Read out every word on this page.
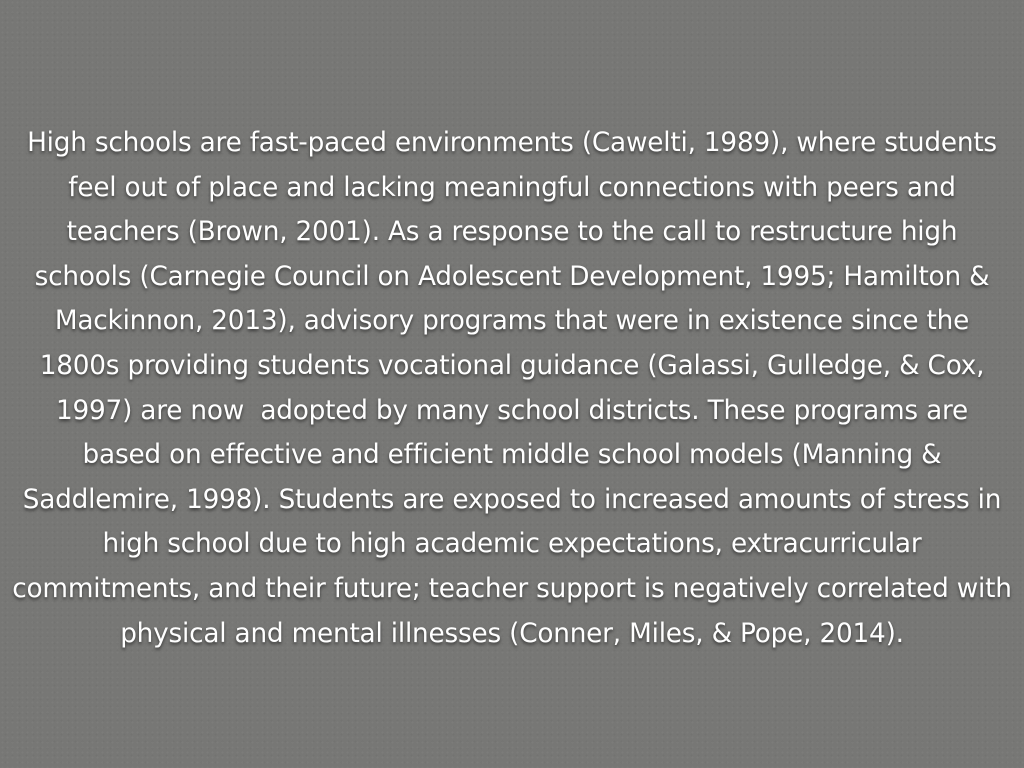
High schools are fast-paced environments (Cawelti, 1989), where students
feel out of place and lacking meaningful connections with peers and
teachers (Brown, 2001). As a response to the call to restructure high
schools (Carnegie Council on Adolescent Development, 1995; Hamilton &
Mackinnon, 2013), advisory programs that were in existence since the
1800s providing students vocational guidance (Galassi, Gulledge, & Cox,
1997) are now  adopted by many school districts. These programs are
based on effective and efficient middle school models (Manning &
Saddlemire, 1998). Students are exposed to increased amounts of stress in
high school due to high academic expectations, extracurricular
commitments, and their future; teacher support is negatively correlated with
physical and mental illnesses (Conner, Miles, & Pope, 2014).
